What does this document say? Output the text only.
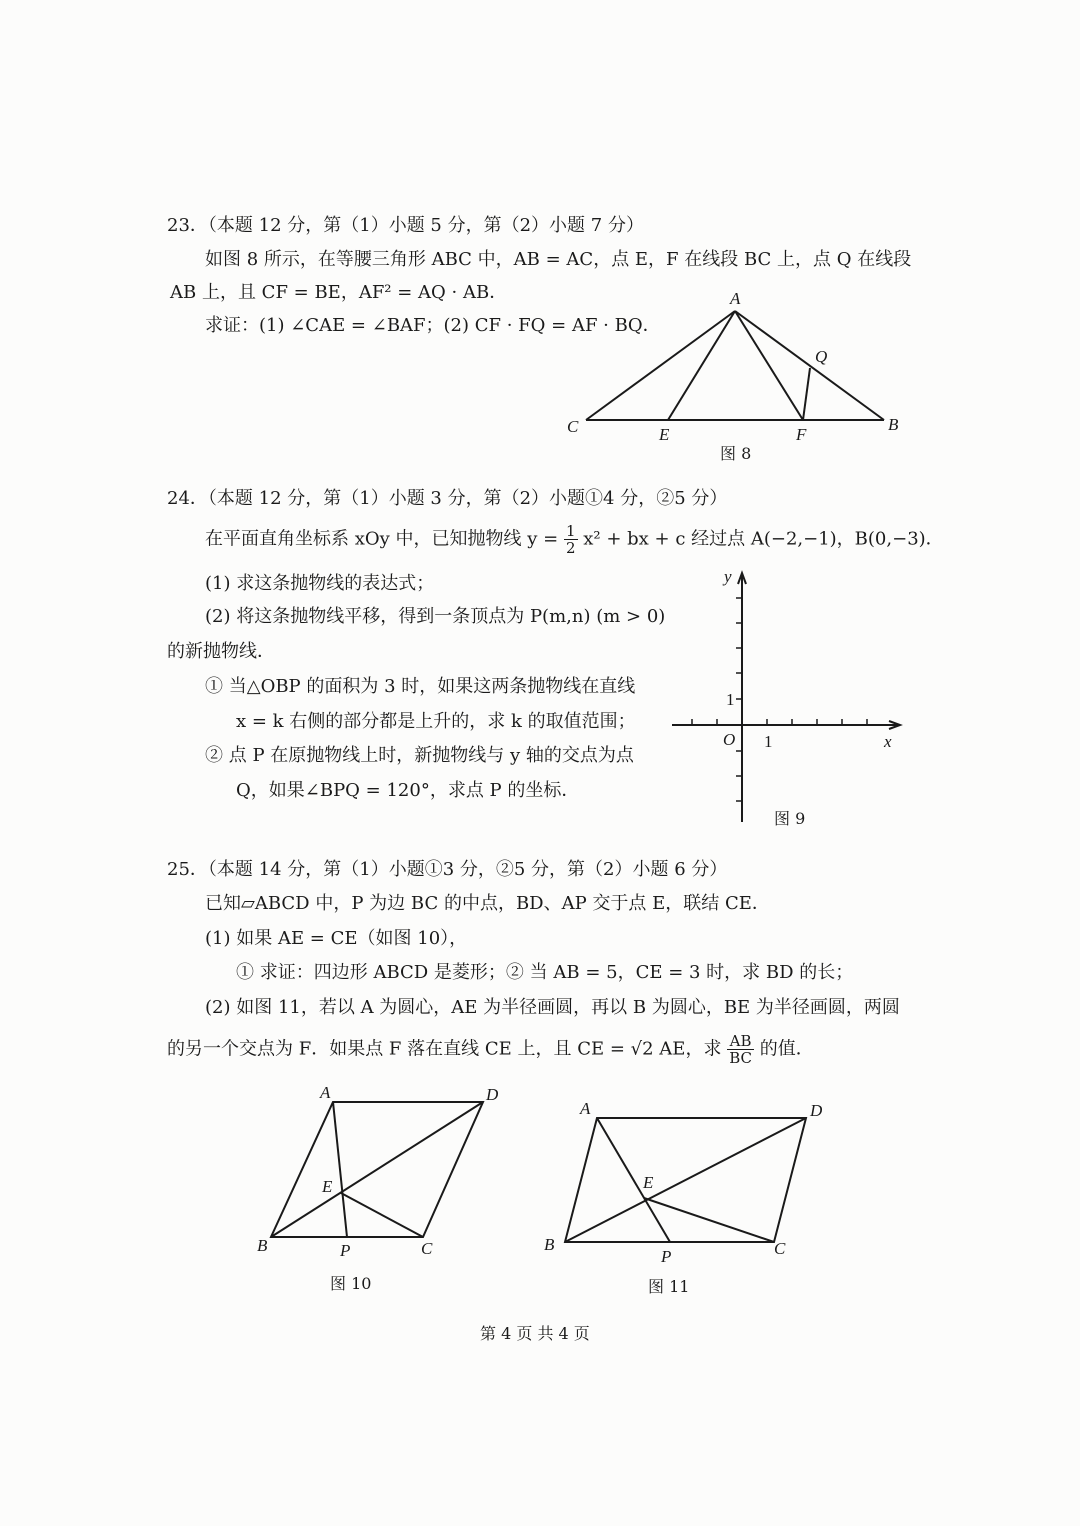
23．（本题 12 分，第（1）小题 5 分，第（2）小题 7 分）
如图 8 所示，在等腰三角形 ABC 中，AB = AC，点 E，F 在线段 BC 上，点 Q 在线段
AB 上，且 CF = BE，AF² = AQ · AB．
求证：(1) ∠CAE = ∠BAF；(2) CF · FQ = AF · BQ．
24．（本题 12 分，第（1）小题 3 分，第（2）小题①4 分，②5 分）
在平面直角坐标系 xOy 中，已知抛物线 $y = \frac{1}{2} x^2$ + bx + c 经过点 A(−2,−1)，B(0,−3)．
(1) 求这条抛物线的表达式；
(2) 将这条抛物线平移，得到一条顶点为 P(m,n) (m > 0)
的新抛物线．
① 当△OBP 的面积为 3 时，如果这两条抛物线在直线
x = k 右侧的部分都是上升的，求 k 的取值范围；
② 点 P 在原抛物线上时，新抛物线与 y 轴的交点为点
Q，如果∠BPQ = 120°，求点 P 的坐标．
25．（本题 14 分，第（1）小题①3 分，②5 分，第（2）小题 6 分）
已知▱ABCD 中，P 为边 BC 的中点，BD、AP 交于点 E，联结 CE．
(1) 如果 AE = CE（如图 10），
① 求证：四边形 ABCD 是菱形；② 当 AB = 5，CE = 3 时，求 BD 的长；
(2) 如图 11，若以 A 为圆心，AE 为半径画圆，再以 B 为圆心，BE 为半径画圆，两圆
的另一个交点为 F．如果点 F 落在直线 CE 上，且 CE = √2 AE，求 $\frac{AB}{BC}$ 的值．
第 4 页 共 4 页
A
Q
C	E	F
B
图 8
y
x
O 1
1
图 9
A	D
E
B	P	C
图 10
A	D
E
B
P	C
图 11
